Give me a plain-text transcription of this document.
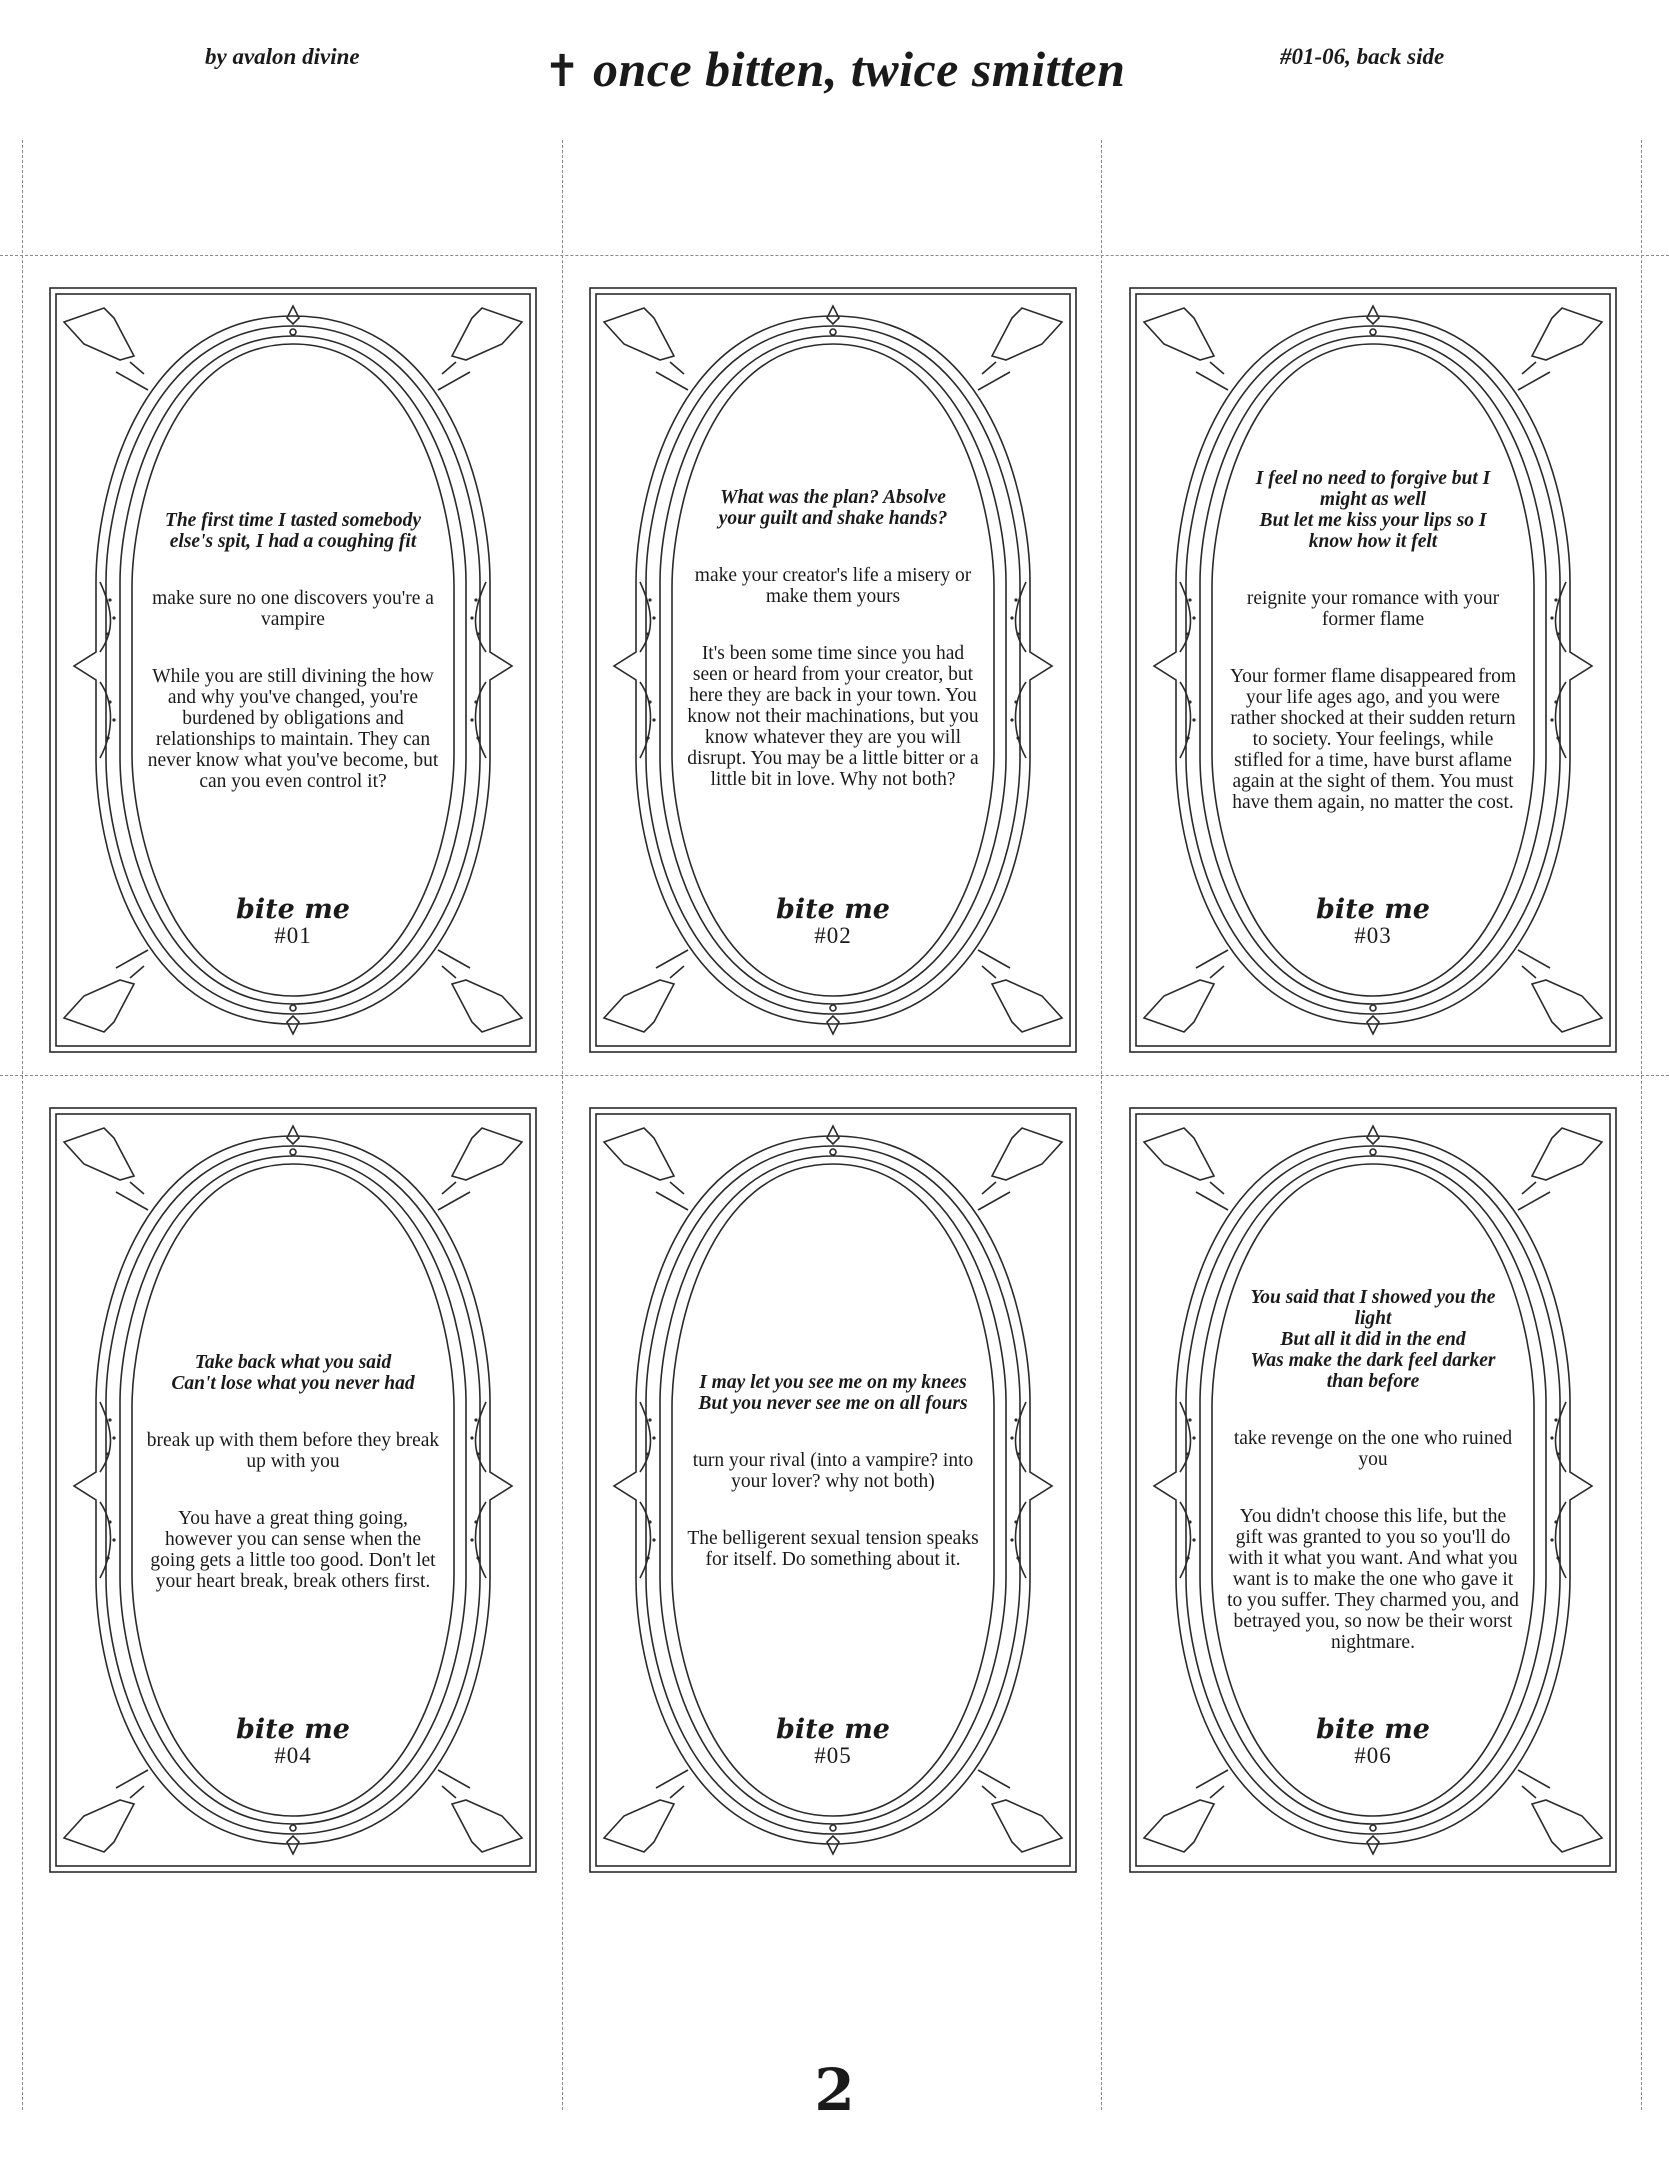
by avalon divine	✝ once bitten, twice smitten	#01-06, back side
The first time I tasted somebody
else's spit, I had a coughing fit
make sure no one discovers you're a vampire
While you are still divining the how and why you've changed, you're burdened by obligations and relationships to maintain. They can never know what you've become, but can you even control it?
bite me
#01
What was the plan? Absolve
your guilt and shake hands?
make your creator's life a misery or make them yours
It's been some time since you had seen or heard from your creator, but here they are back in your town. You know not their machinations, but you know whatever they are you will disrupt. You may be a little bitter or a little bit in love. Why not both?
bite me
#02
I feel no need to forgive but I
might as well
But let me kiss your lips so I
know how it felt
reignite your romance with your former flame
Your former flame disappeared from your life ages ago, and you were rather shocked at their sudden return to society. Your feelings, while stifled for a time, have burst aflame again at the sight of them. You must have them again, no matter the cost.
bite me
#03
Take back what you said
Can't lose what you never had
break up with them before they break up with you
You have a great thing going, however you can sense when the going gets a little too good. Don't let your heart break, break others first.
bite me
#04
I may let you see me on my knees
But you never see me on all fours
turn your rival (into a vampire? into your lover? why not both)
The belligerent sexual tension speaks for itself. Do something about it.
bite me
#05
You said that I showed you the
light
But all it did in the end
Was make the dark feel darker
than before
take revenge on the one who ruined you
You didn't choose this life, but the gift was granted to you so you'll do with it what you want. And what you want is to make the one who gave it to you suffer. They charmed you, and betrayed you, so now be their worst nightmare.
bite me
#06
2
